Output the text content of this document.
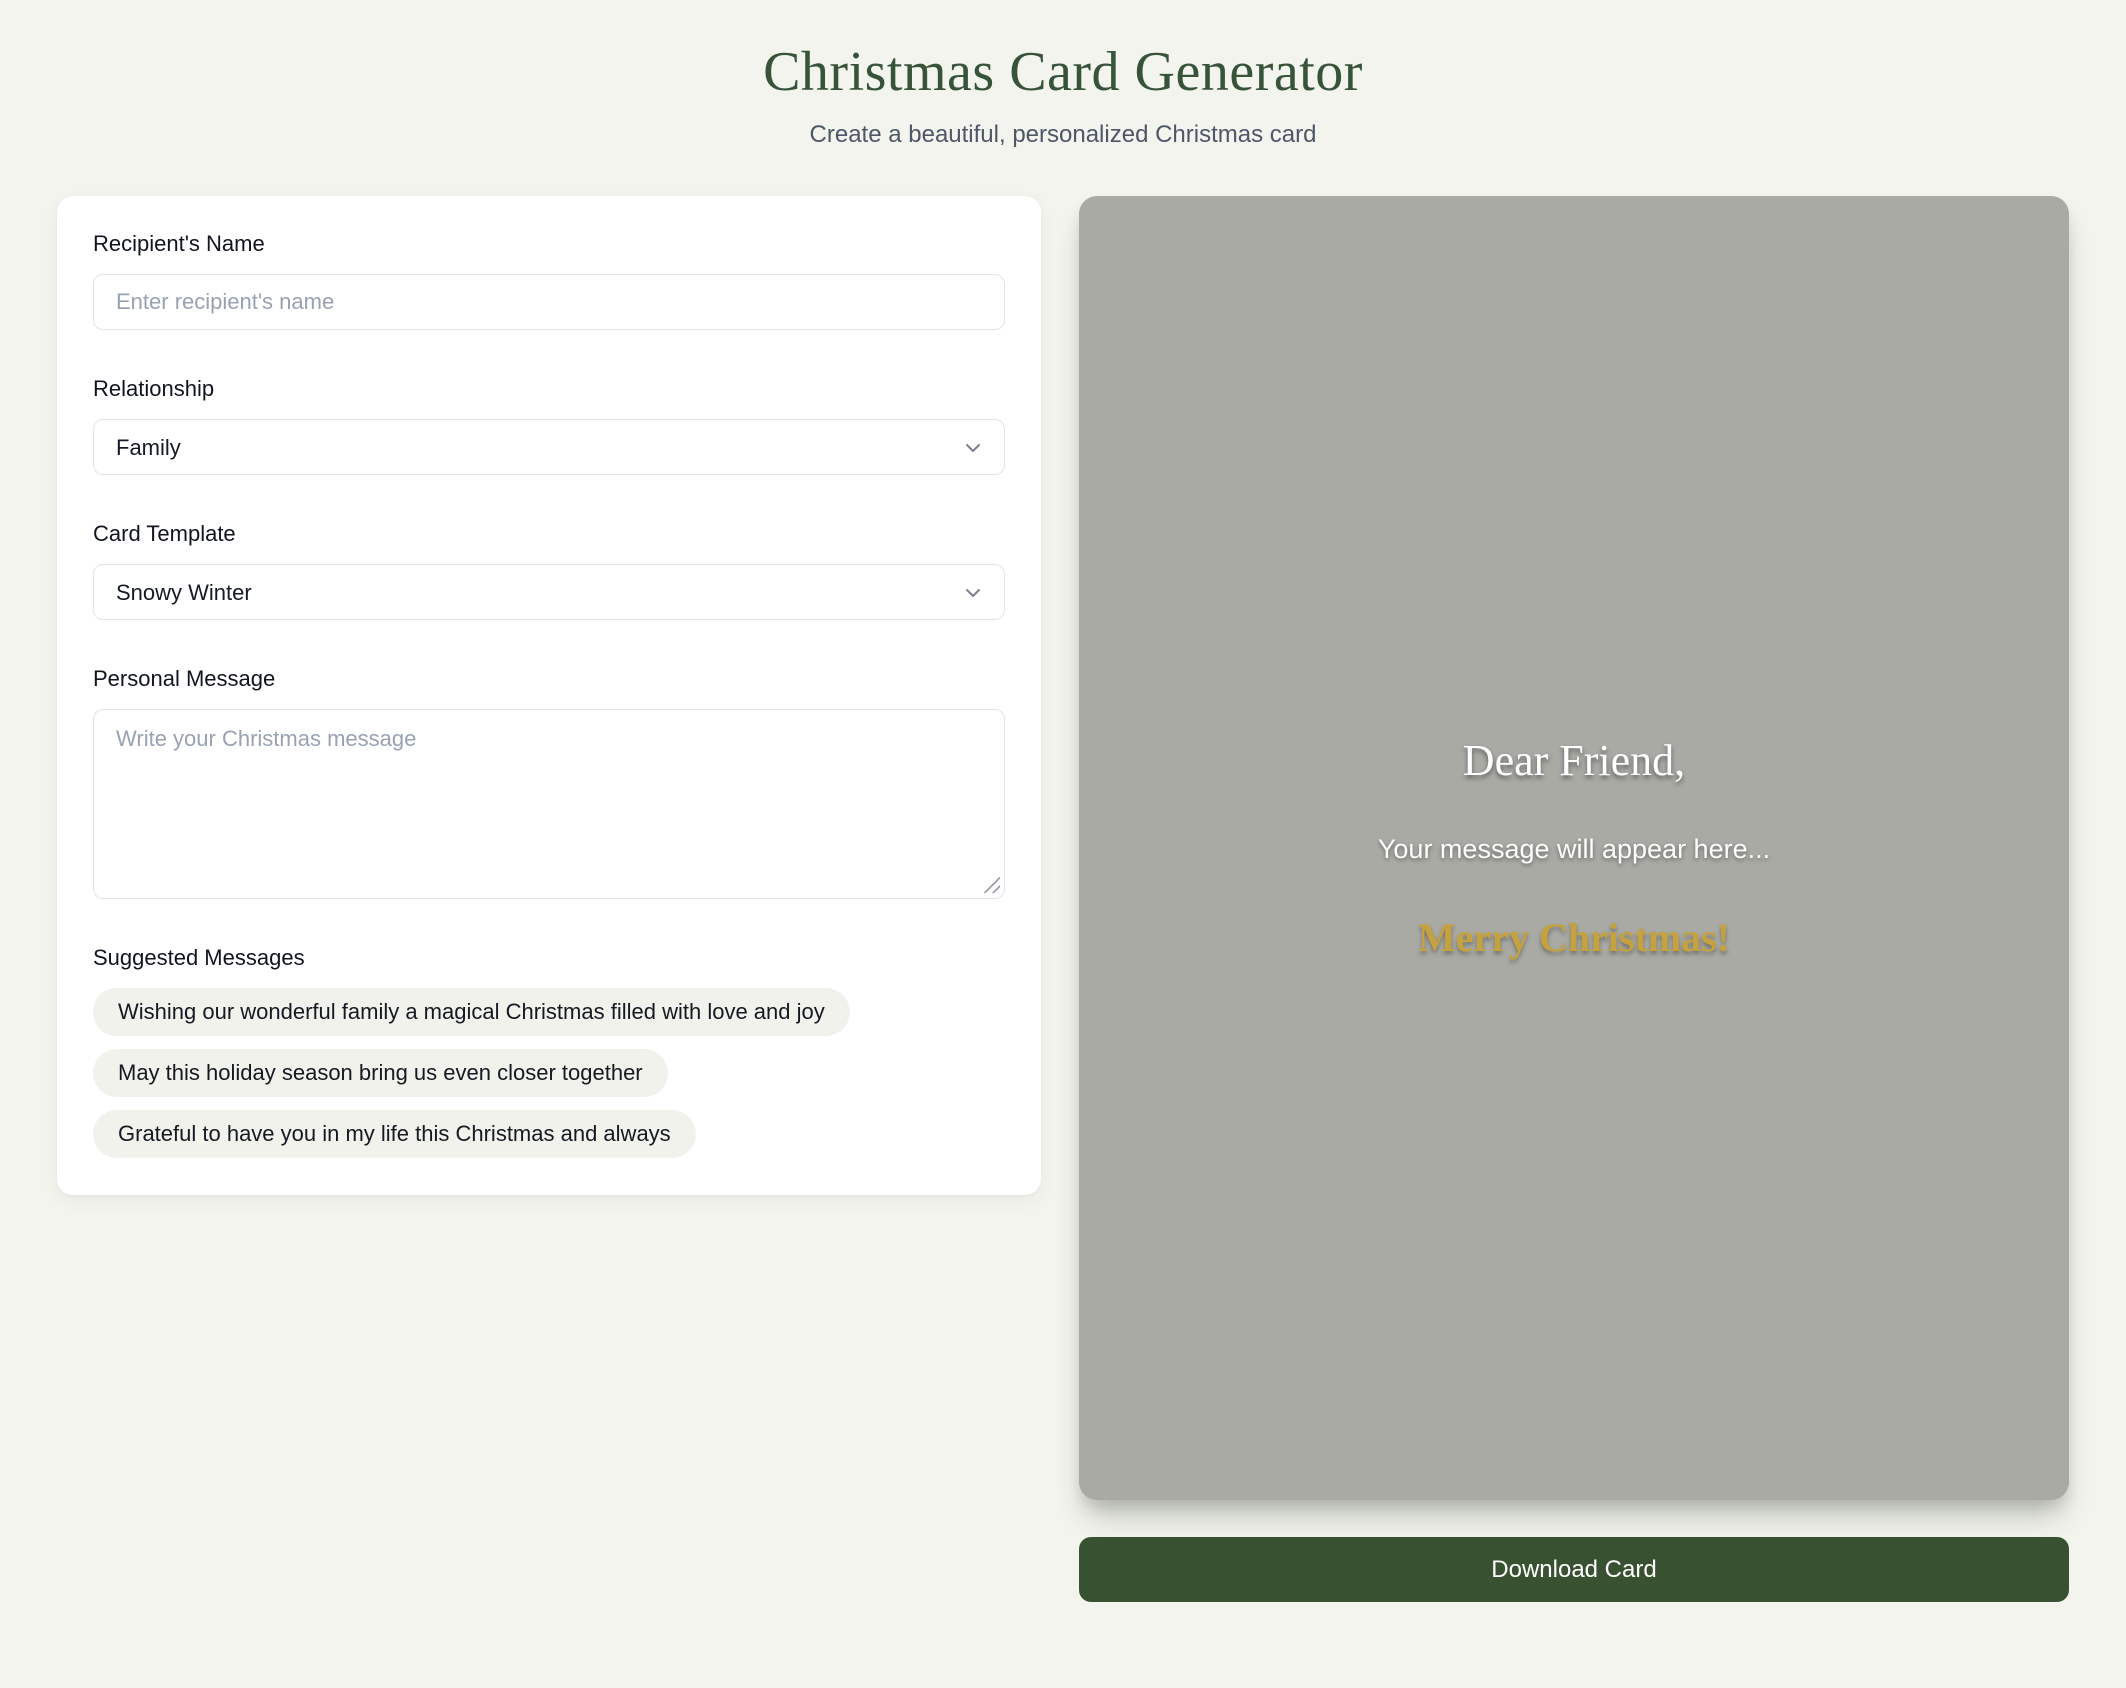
Christmas Card Generator

Create a beautiful, personalized Christmas card

Recipient's Name
Enter recipient's name
Relationship
Family
Card Template
Snowy Winter
Personal Message
Write your Christmas message
Suggested Messages
Wishing our wonderful family a magical Christmas filled with love and joy
May this holiday season bring us even closer together
Grateful to have you in my life this Christmas and always
Dear Friend,

Your message will appear here...

Merry Christmas!
Download Card
